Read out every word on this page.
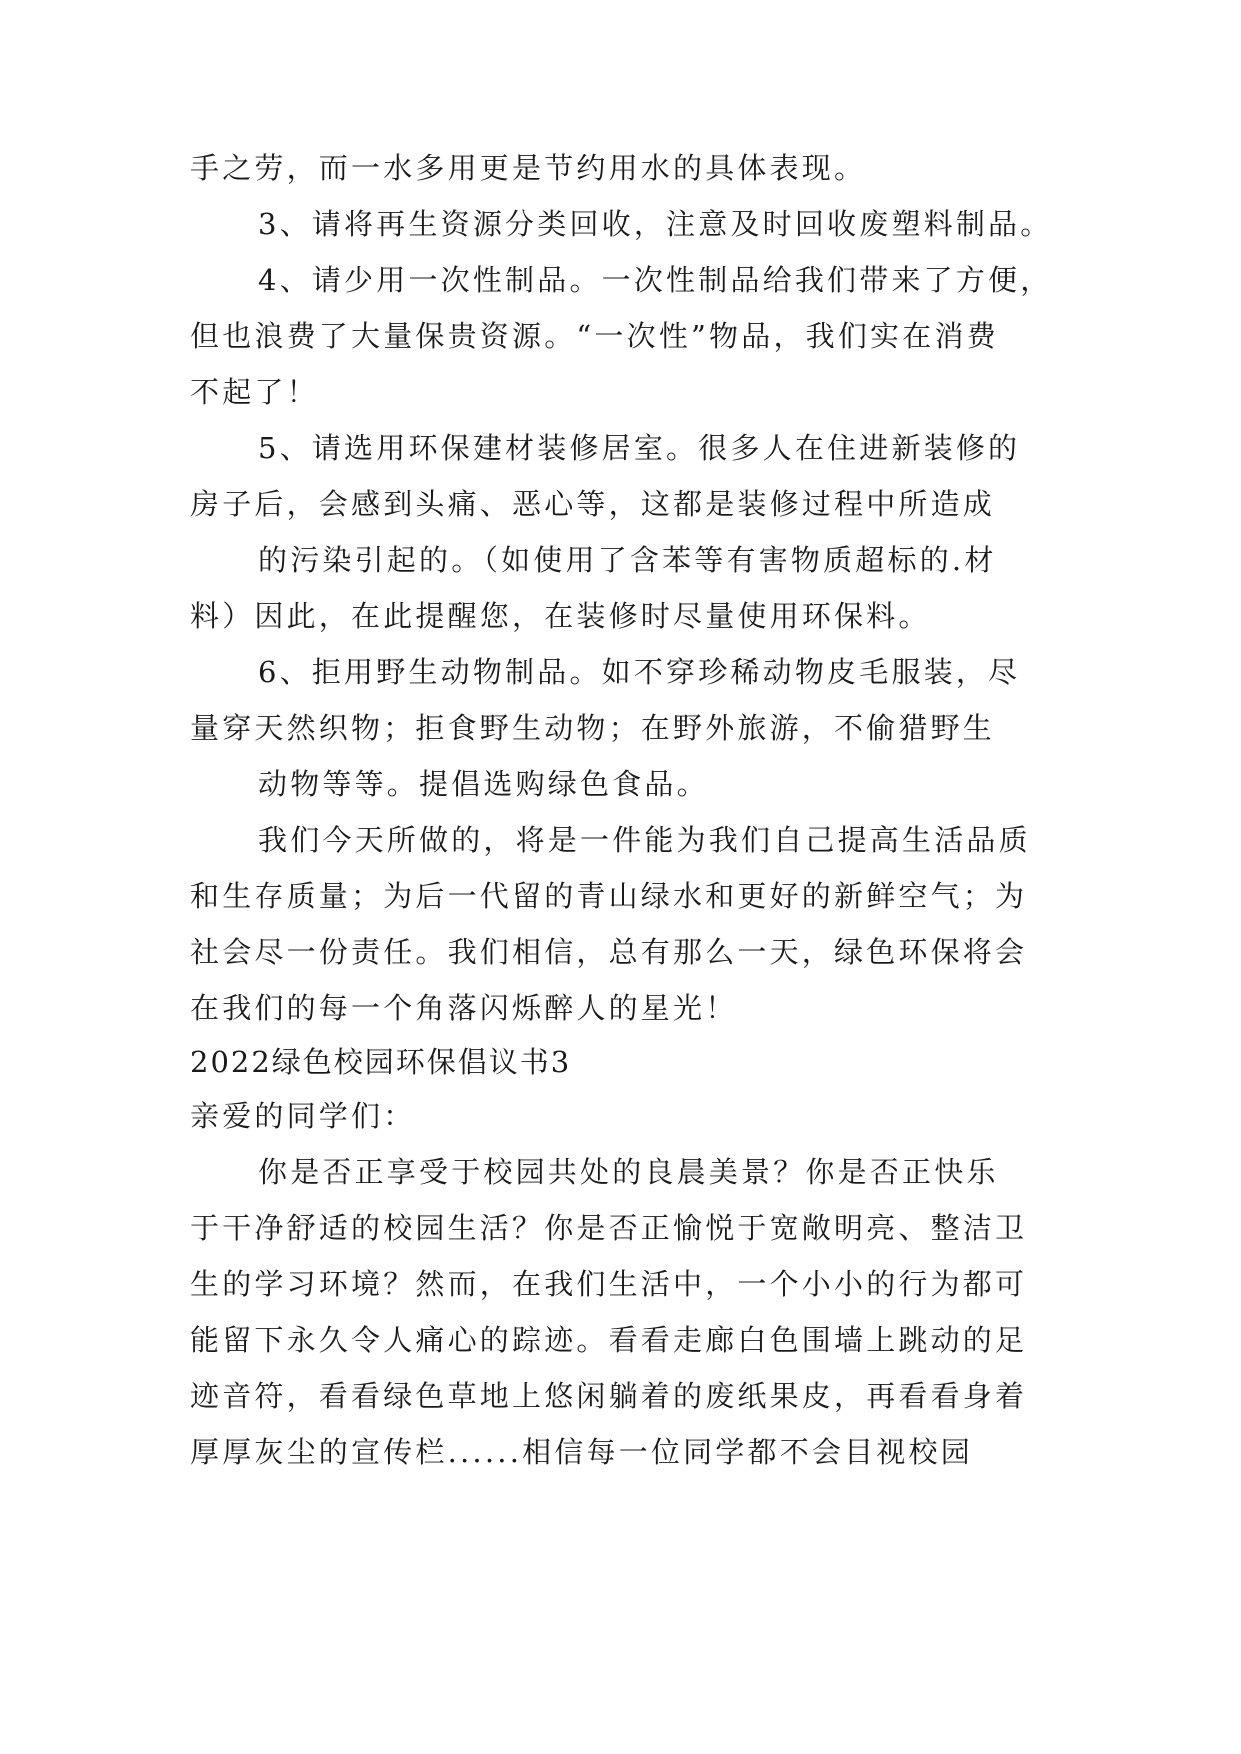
手之劳，而一水多用更是节约用水的具体表现。
3、请将再生资源分类回收，注意及时回收废塑料制品。
4、请少用一次性制品。一次性制品给我们带来了方便，
但也浪费了大量保贵资源。“一次性”物品，我们实在消费
不起了！
5、请选用环保建材装修居室。很多人在住进新装修的
房子后，会感到头痛、恶心等，这都是装修过程中所造成
的污染引起的。（如使用了含苯等有害物质超标的.材
料）因此，在此提醒您，在装修时尽量使用环保料。
6、拒用野生动物制品。如不穿珍稀动物皮毛服装，尽
量穿天然织物；拒食野生动物；在野外旅游，不偷猎野生
动物等等。提倡选购绿色食品。
我们今天所做的，将是一件能为我们自己提高生活品质
和生存质量；为后一代留的青山绿水和更好的新鲜空气；为
社会尽一份责任。我们相信，总有那么一天，绿色环保将会
在我们的每一个角落闪烁醉人的星光！
2022绿色校园环保倡议书3
亲爱的同学们：
你是否正享受于校园共处的良晨美景？你是否正快乐
于干净舒适的校园生活？你是否正愉悦于宽敞明亮、整洁卫
生的学习环境？然而，在我们生活中，一个小小的行为都可
能留下永久令人痛心的踪迹。看看走廊白色围墙上跳动的足
迹音符，看看绿色草地上悠闲躺着的废纸果皮，再看看身着
厚厚灰尘的宣传栏......相信每一位同学都不会目视校园
